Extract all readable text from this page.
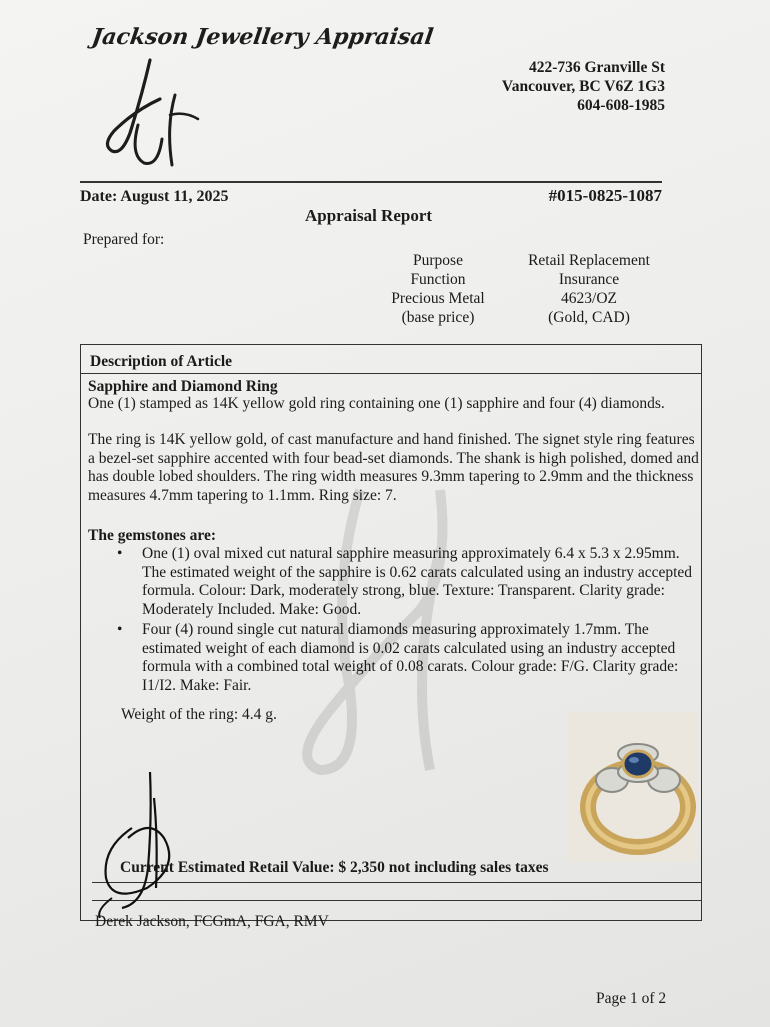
Jackson Jewellery Appraisal
422-736 Granville St
Vancouver, BC V6Z 1G3
604-608-1985
Date: August 11, 2025	#015-0825-1087
Appraisal Report
Prepared for:
Purpose
Function
Precious Metal
(base price)
Retail Replacement
Insurance
4623/OZ
(Gold, CAD)
Description of Article
Sapphire and Diamond Ring
One (1) stamped as 14K yellow gold ring containing one (1) sapphire and four (4) diamonds.
The ring is 14K yellow gold, of cast manufacture and hand finished. The signet style ring features a bezel-set sapphire accented with four bead-set diamonds. The shank is high polished, domed and has double lobed shoulders. The ring width measures 9.3mm tapering to 2.9mm and the thickness measures 4.7mm tapering to 1.1mm. Ring size: 7.
The gemstones are:
• One (1) oval mixed cut natural sapphire measuring approximately 6.4 x 5.3 x 2.95mm. The estimated weight of the sapphire is 0.62 carats calculated using an industry accepted formula. Colour: Dark, moderately strong, blue. Texture: Transparent. Clarity grade: Moderately Included. Make: Good.
• Four (4) round single cut natural diamonds measuring approximately 1.7mm. The estimated weight of each diamond is 0.02 carats calculated using an industry accepted formula with a combined total weight of 0.08 carats. Colour grade: F/G. Clarity grade: I1/I2. Make: Fair.
Weight of the ring: 4.4 g.
Current Estimated Retail Value: $ 2,350 not including sales taxes
Derek Jackson, FCGmA, FGA, RMV
Page 1 of 2
